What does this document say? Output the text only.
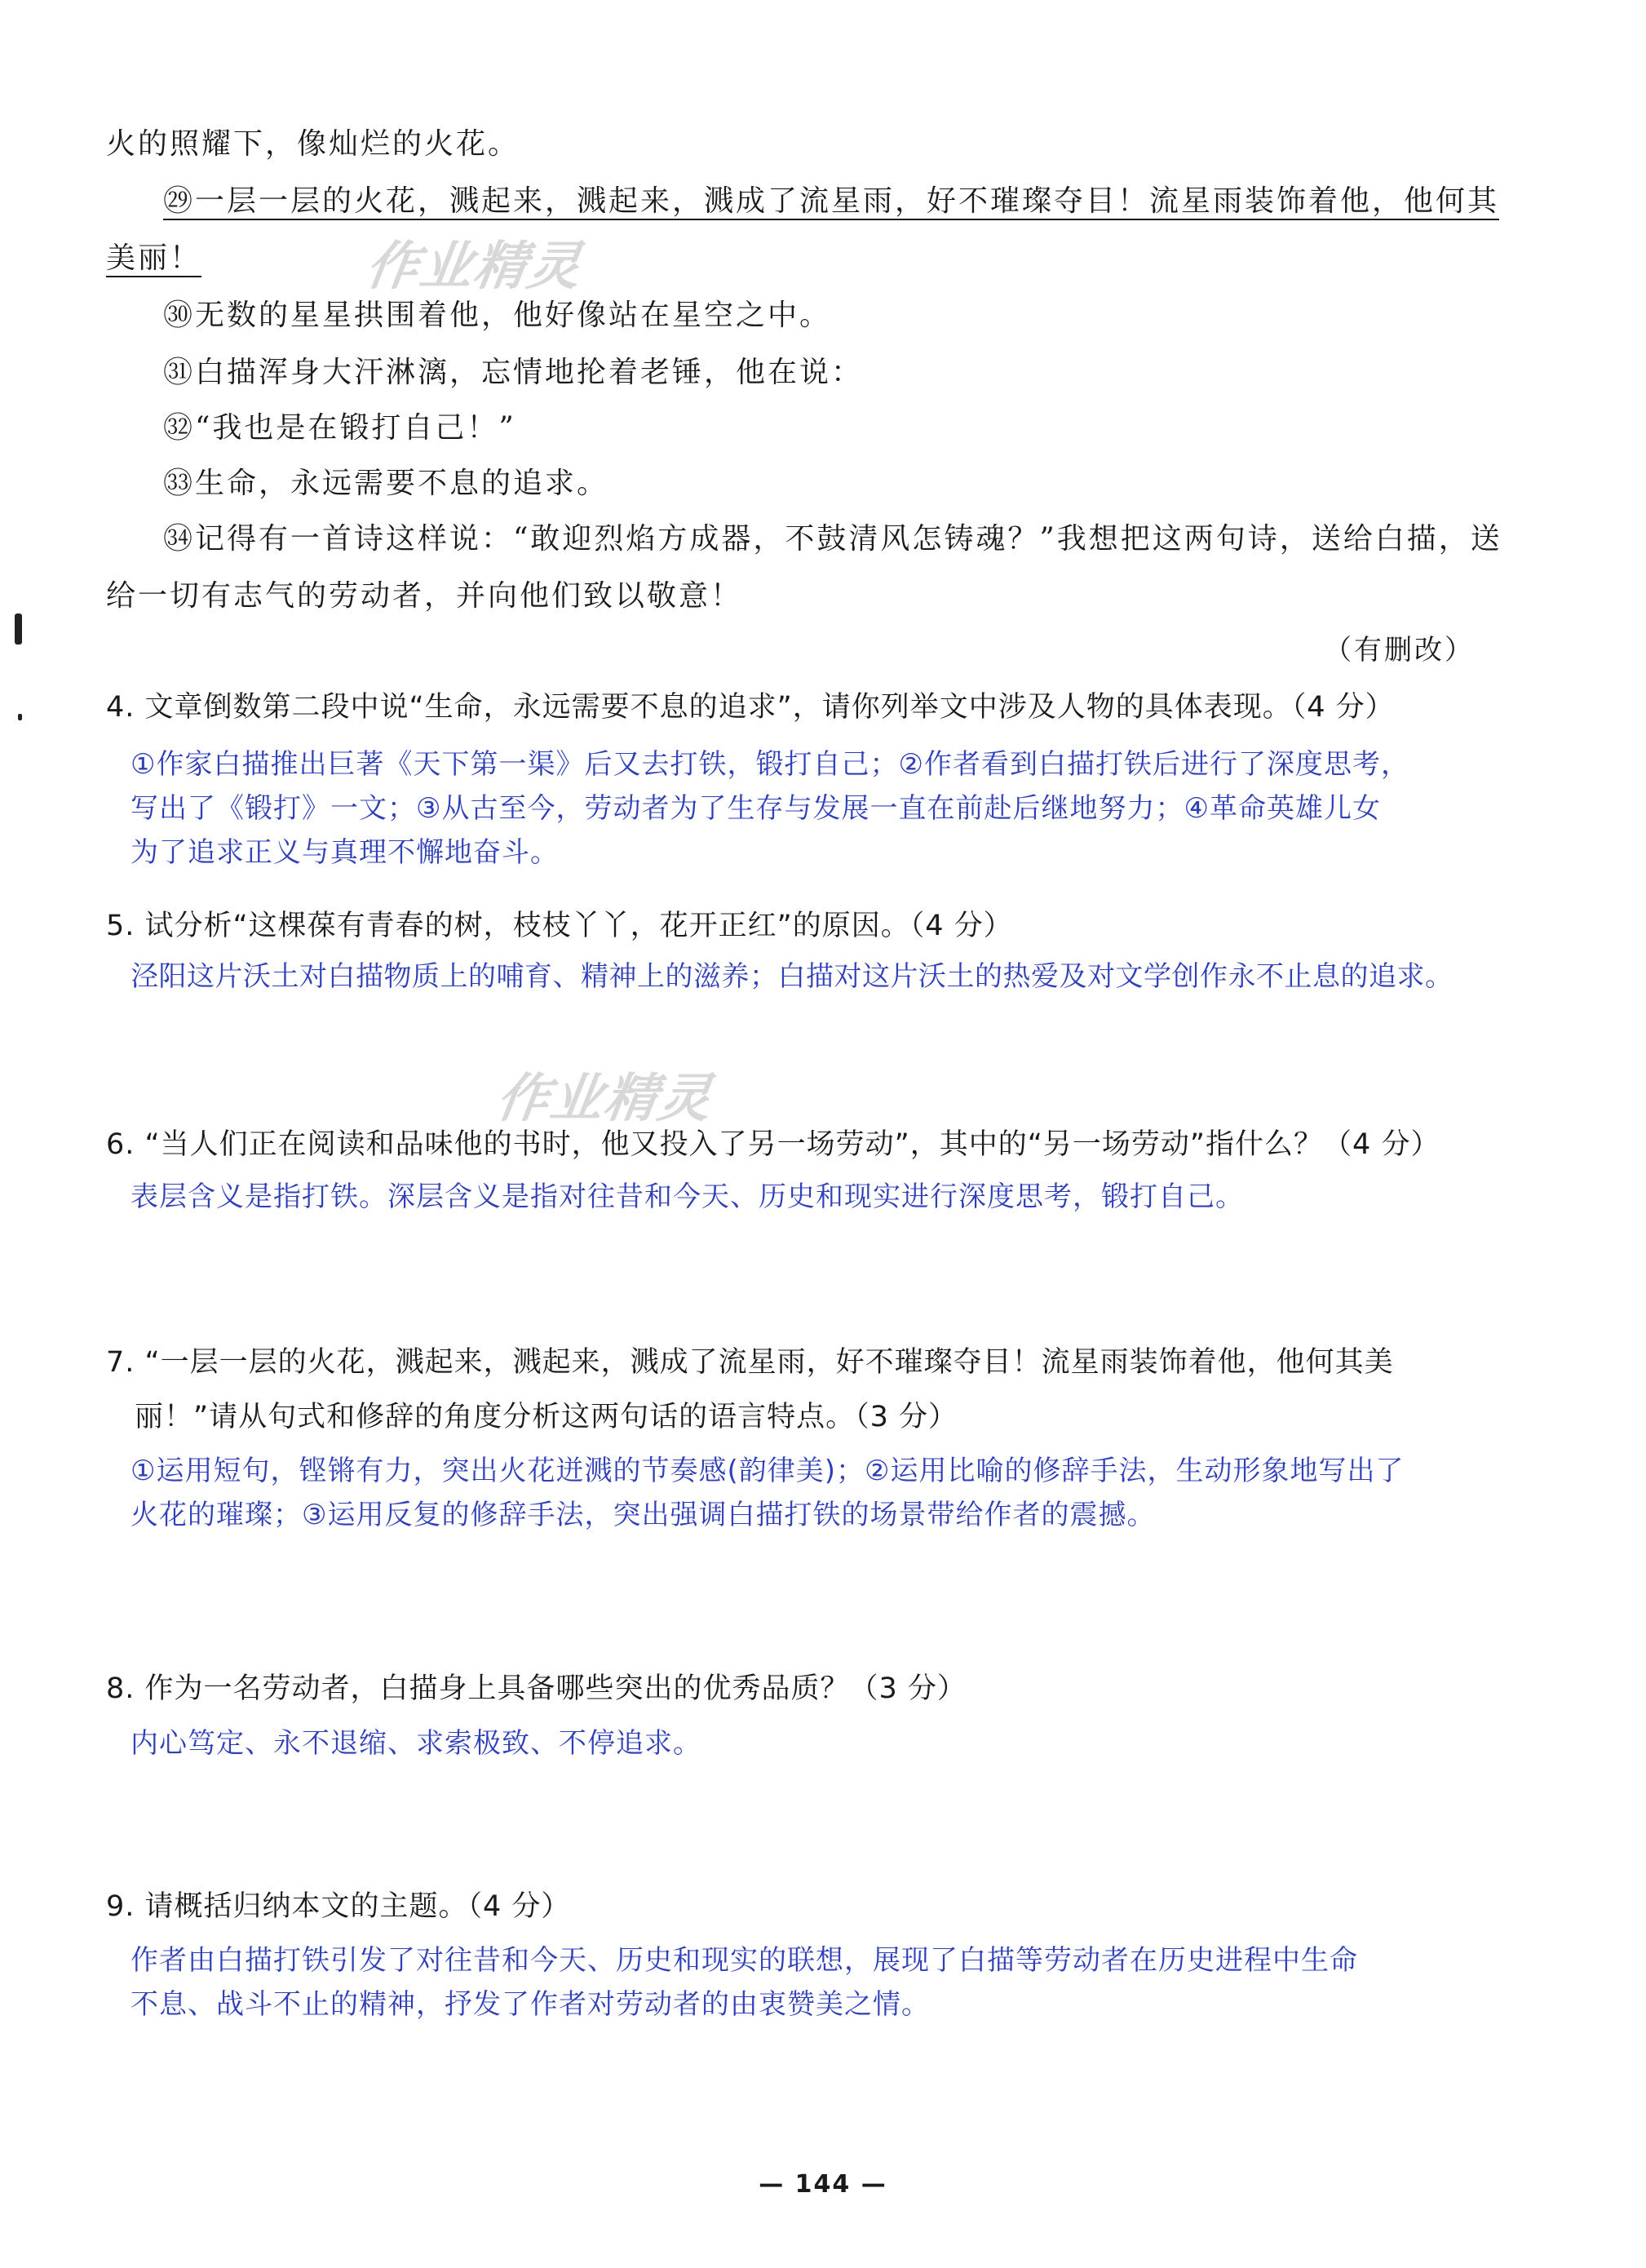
作业精灵
作业精灵
火的照耀下，像灿烂的火花。
㉙一层一层的火花，溅起来，溅起来，溅成了流星雨，好不璀璨夺目！流星雨装饰着他，他何其
美丽！
㉚无数的星星拱围着他，他好像站在星空之中。
㉛白描浑身大汗淋漓，忘情地抡着老锤，他在说：
㉜“我也是在锻打自己！”
㉝生命，永远需要不息的追求。
㉞记得有一首诗这样说：“敢迎烈焰方成器，不鼓清风怎铸魂？”我想把这两句诗，送给白描，送
给一切有志气的劳动者，并向他们致以敬意！
（有删改）
4. 文章倒数第二段中说“生命，永远需要不息的追求”，请你列举文中涉及人物的具体表现。（4 分）
①作家白描推出巨著《天下第一渠》后又去打铁，锻打自己；②作者看到白描打铁后进行了深度思考，
写出了《锻打》一文；③从古至今，劳动者为了生存与发展一直在前赴后继地努力；④革命英雄儿女
为了追求正义与真理不懈地奋斗。
5. 试分析“这棵葆有青春的树，枝枝丫丫，花开正红”的原因。（4 分）
泾阳这片沃土对白描物质上的哺育、精神上的滋养；白描对这片沃土的热爱及对文学创作永不止息的追求。
6. “当人们正在阅读和品味他的书时，他又投入了另一场劳动”，其中的“另一场劳动”指什么？（4 分）
表层含义是指打铁。深层含义是指对往昔和今天、历史和现实进行深度思考，锻打自己。
7. “一层一层的火花，溅起来，溅起来，溅成了流星雨，好不璀璨夺目！流星雨装饰着他，他何其美
丽！”请从句式和修辞的角度分析这两句话的语言特点。（3 分）
①运用短句，铿锵有力，突出火花迸溅的节奏感(韵律美)；②运用比喻的修辞手法，生动形象地写出了
火花的璀璨；③运用反复的修辞手法，突出强调白描打铁的场景带给作者的震撼。
8. 作为一名劳动者，白描身上具备哪些突出的优秀品质？（3 分）
内心笃定、永不退缩、求索极致、不停追求。
9. 请概括归纳本文的主题。（4 分）
作者由白描打铁引发了对往昔和今天、历史和现实的联想，展现了白描等劳动者在历史进程中生命
不息、战斗不止的精神，抒发了作者对劳动者的由衷赞美之情。
— 144 —
